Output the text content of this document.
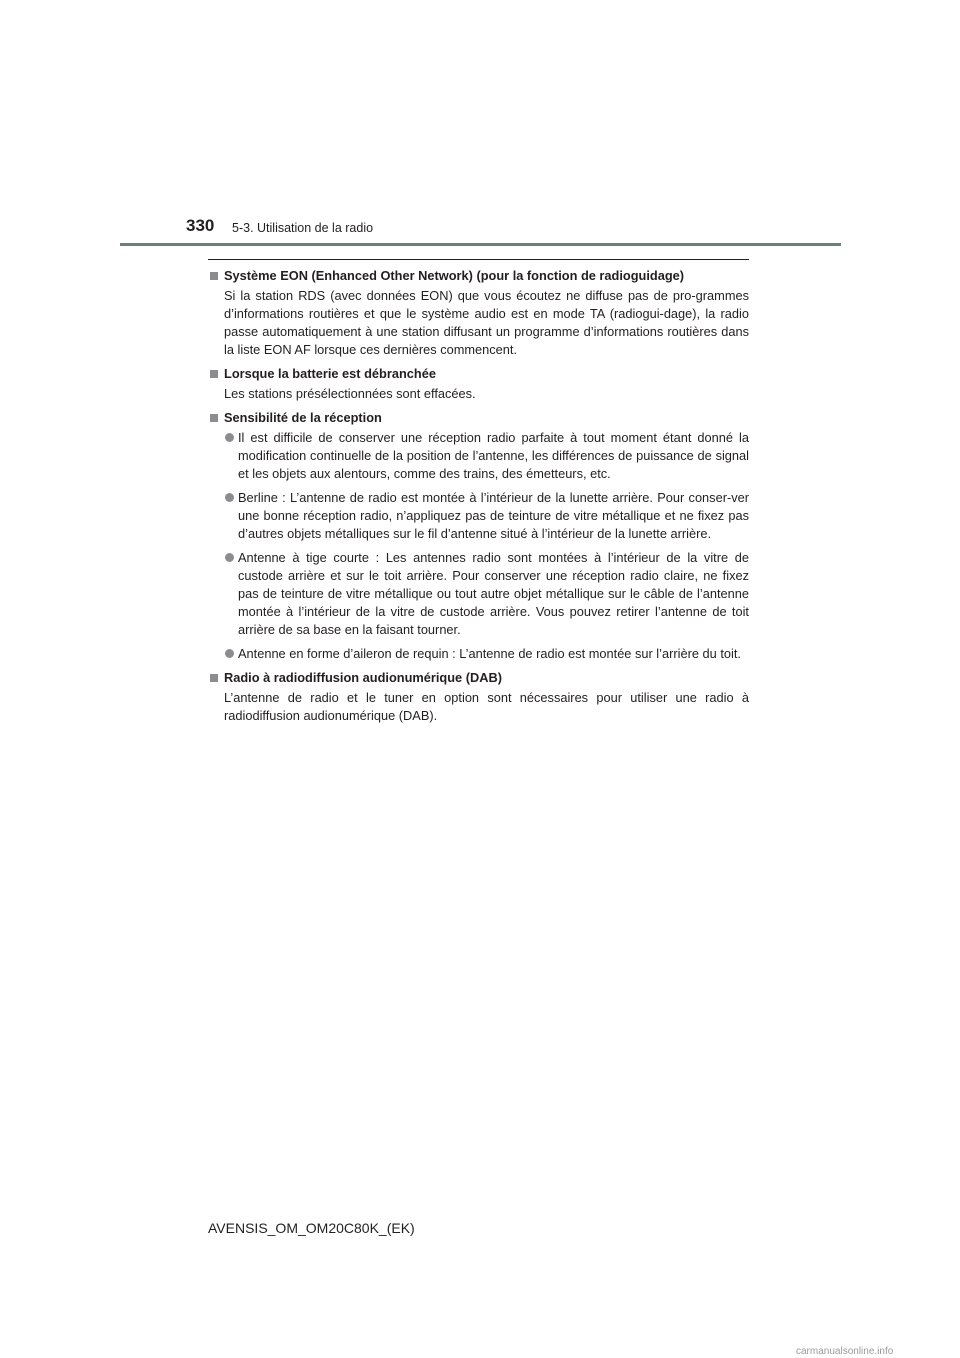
330 5-3. Utilisation de la radio
Système EON (Enhanced Other Network) (pour la fonction de radioguidage)

Si la station RDS (avec données EON) que vous écoutez ne diffuse pas de pro-grammes d’informations routières et que le système audio est en mode TA (radiogui-dage), la radio passe automatiquement à une station diffusant un programme d’informations routières dans la liste EON AF lorsque ces dernières commencent.

Lorsque la batterie est débranchée

Les stations présélectionnées sont effacées.

Sensibilité de la réception
Il est difficile de conserver une réception radio parfaite à tout moment étant donné la modification continuelle de la position de l’antenne, les différences de puissance de signal et les objets aux alentours, comme des trains, des émetteurs, etc.
Berline : L’antenne de radio est montée à l’intérieur de la lunette arrière. Pour conser-ver une bonne réception radio, n’appliquez pas de teinture de vitre métallique et ne fixez pas d’autres objets métalliques sur le fil d’antenne situé à l’intérieur de la lunette arrière.
Antenne à tige courte : Les antennes radio sont montées à l’intérieur de la vitre de custode arrière et sur le toit arrière. Pour conserver une réception radio claire, ne fixez pas de teinture de vitre métallique ou tout autre objet métallique sur le câble de l’antenne montée à l’intérieur de la vitre de custode arrière. Vous pouvez retirer l’antenne de toit arrière de sa base en la faisant tourner.
Antenne en forme d’aileron de requin : L’antenne de radio est montée sur l’arrière du toit.
Radio à radiodiffusion audionumérique (DAB)

L’antenne de radio et le tuner en option sont nécessaires pour utiliser une radio à radiodiffusion audionumérique (DAB).

AVENSIS_OM_OM20C80K_(EK)
carmanualsonline.info
